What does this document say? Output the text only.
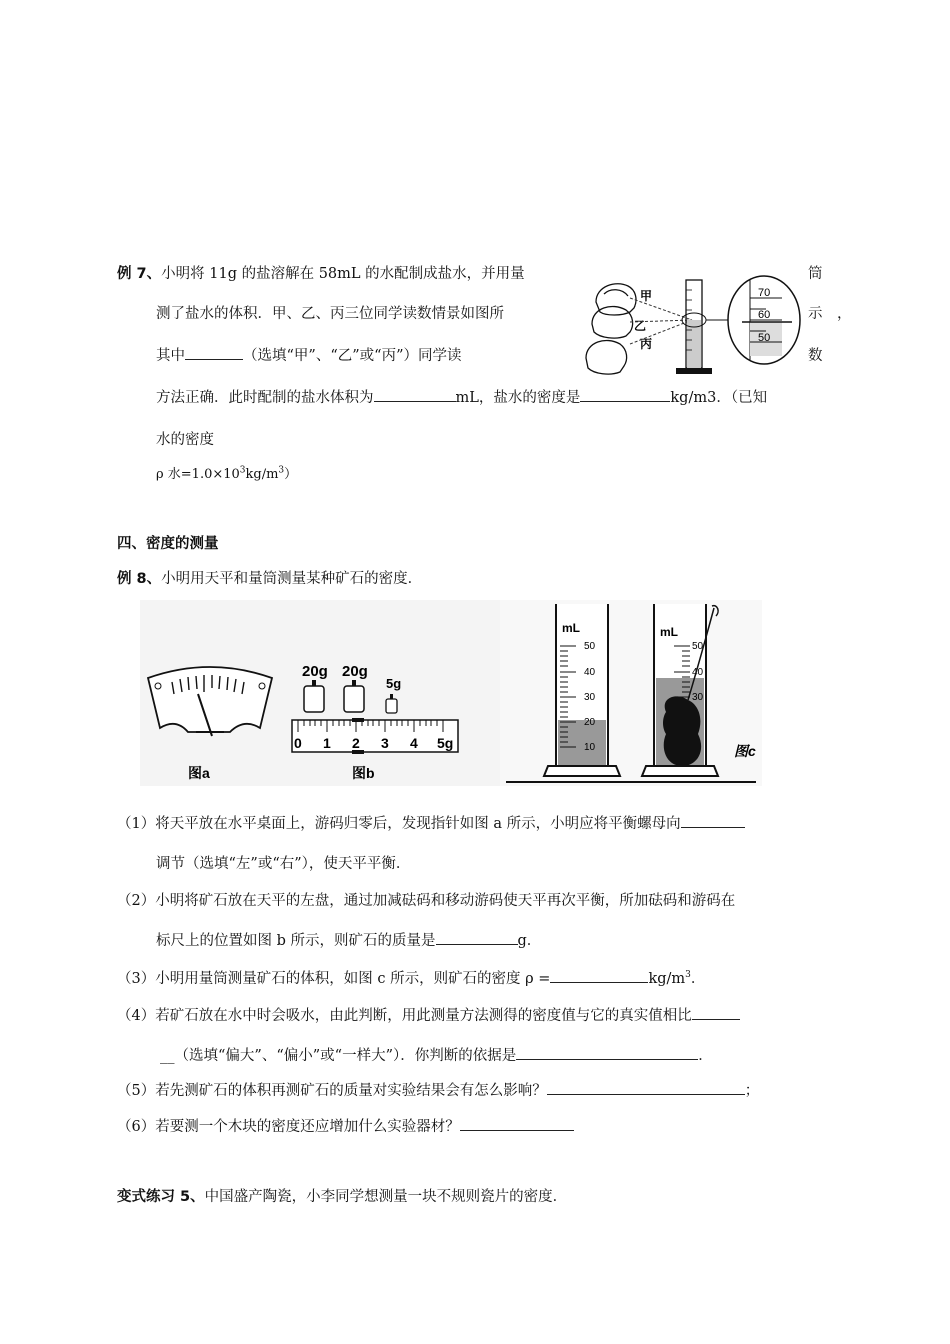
例 7、小明将 11g 的盐溶解在 58mL 的水配制成盐水，并用量	筒
测了盐水的体积．甲、乙、丙三位同学读数情景如图所	示　，
其中	（选填“甲”、“乙”或“丙”）同学读	数
方法正确．此时配制的盐水体积为	mL，盐水的密度是	kg/m3．（已知
水的密度
ρ 水$=1.0\times 10^3kg/m^3$）
甲
乙
丙
70
60
50
四、密度的测量
例 8、小明用天平和量筒测量某种矿石的密度．
图a
20g 20g
5g
0 1 2 3 4 5g
图b
mL
50
40
30
20
10
mL
50
40
30
图c
（1）将天平放在水平桌面上，游码归零后，发现指针如图 a 所示，小明应将平衡螺母向
调节（选填“左”或“右”），使天平平衡．
（2）小明将矿石放在天平的左盘，通过加减砝码和移动游码使天平再次平衡，所加砝码和游码在
标尺上的位置如图 b 所示，则矿石的质量是	g．
（3）小明用量筒测量矿石的体积，如图 c 所示，则矿石的密度 ρ =	$kg/m^3$．
（4）若矿石放在水中时会吸水，由此判断，用此测量方法测得的密度值与它的真实值相比
__（选填“偏大”、“偏小”或“一样大”）．你判断的依据是	．
（5）若先测矿石的体积再测矿石的质量对实验结果会有怎么影响？	；
（6）若要测一个木块的密度还应增加什么实验器材？
变式练习 5、中国盛产陶瓷，小李同学想测量一块不规则瓷片的密度．
